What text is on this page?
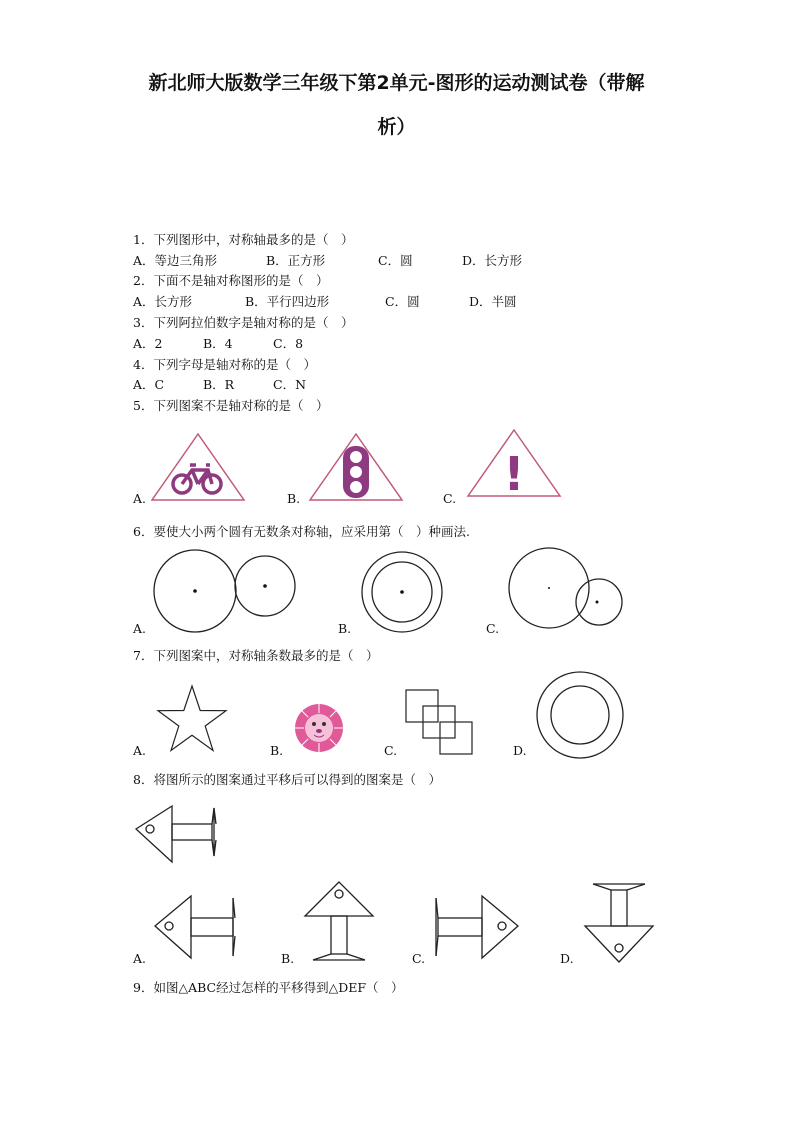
新北师大版数学三年级下第2单元-图形的运动测试卷（带解
析）
1．下列图形中，对称轴最多的是（　）
A．等边三角形	B．正方形	C．圆	D．长方形
2．下面不是轴对称图形的是（　）
A．长方形	B．平行四边形	C．圆	D．半圆
3．下列阿拉伯数字是轴对称的是（　）
A．2	B．4	C．8
4．下列字母是轴对称的是（　）
A．C	B．R	C．N
5．下列图案不是轴对称的是（　）
A.	B.	C. !
6．要使大小两个圆有无数条对称轴，应采用第（　）种画法.
A.	B.	C.
7．下列图案中，对称轴条数最多的是（　）
A.	B.	C.	D.
8．将图所示的图案通过平移后可以得到的图案是（　）
A.	B.	C.	D.
9．如图△ABC经过怎样的平移得到△DEF（　）
